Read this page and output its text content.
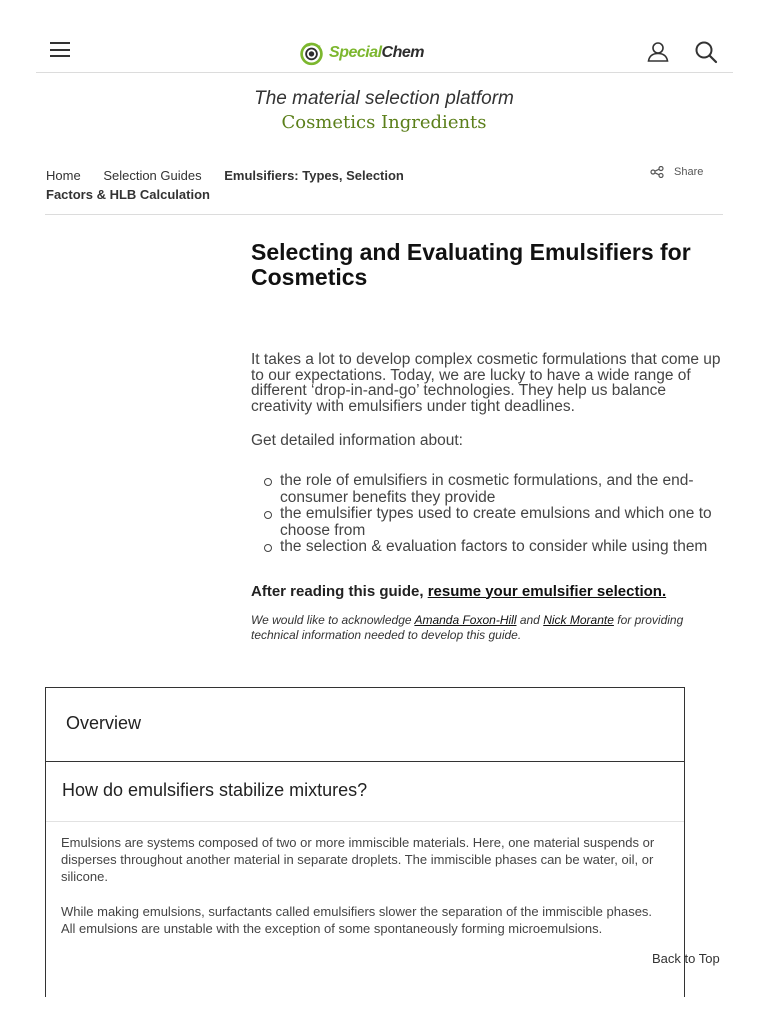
SpecialChem
The material selection platform
Cosmetics Ingredients
Home Selection Guides Emulsifiers: Types, Selection Factors & HLB Calculation
Share
Selecting and Evaluating Emulsifiers for Cosmetics

It takes a lot to develop complex cosmetic formulations that come up to our expectations. Today, we are lucky to have a wide range of different ‘drop-in-and-go’ technologies. They help us balance creativity with emulsifiers under tight deadlines.

Get detailed information about:

the role of emulsifiers in cosmetic formulations, and the end-consumer benefits they provide
the emulsifier types used to create emulsions and which one to choose from
the selection & evaluation factors to consider while using them

After reading this guide, resume your emulsifier selection.

We would like to acknowledge Amanda Foxon-Hill and Nick Morante for providing technical information needed to develop this guide.

Overview
How do emulsifiers stabilize mixtures?

Emulsions are systems composed of two or more immiscible materials. Here, one material suspends or disperses throughout another material in separate droplets. The immiscible phases can be water, oil, or silicone.

While making emulsions, surfactants called emulsifiers slower the separation of the immiscible phases. All emulsions are unstable with the exception of some spontaneously forming microemulsions.

Back to Top
